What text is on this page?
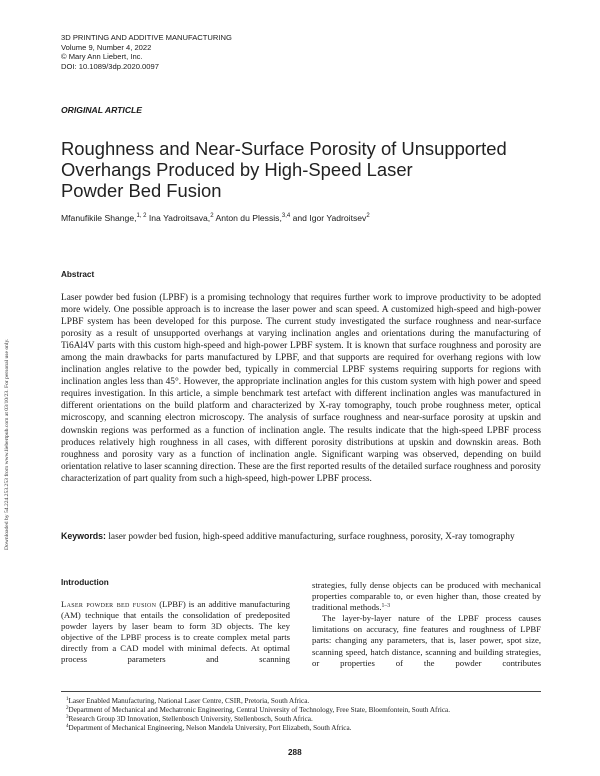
3D PRINTING AND ADDITIVE MANUFACTURING
Volume 9, Number 4, 2022
© Mary Ann Liebert, Inc.
DOI: 10.1089/3dp.2020.0097
ORIGINAL ARTICLE
Roughness and Near-Surface Porosity of Unsupported
Overhangs Produced by High-Speed Laser
Powder Bed Fusion
Mfanufikile Shange,$^{1, 2}$ Ina Yadroitsava,$^2$ Anton du Plessis,$^{3,4}$ and Igor Yadroitsev$^2$
Downloaded by 54.224.253.253 from www.liebertpub.com at 03/10/23. For personal use only.
Abstract
Laser powder bed fusion (LPBF) is a promising technology that requires further work to improve productivity to be adopted more widely. One possible approach is to increase the laser power and scan speed. A customized high-speed and high-power LPBF system has been developed for this purpose. The current study investigated the surface roughness and near-surface porosity as a result of unsupported overhangs at varying inclination angles and orientations during the manufacturing of Ti6Al4V parts with this custom high-speed and high-power LPBF system. It is known that surface roughness and porosity are among the main drawbacks for parts manufactured by LPBF, and that supports are required for overhang regions with low inclination angles relative to the powder bed, typically in commercial LPBF systems requiring supports for regions with inclination angles less than 45°. However, the appropriate inclination angles for this custom system with high power and speed requires investigation. In this article, a simple benchmark test artefact with different inclination angles was manufactured in different orientations on the build platform and characterized by X-ray tomography, touch probe roughness meter, optical microscopy, and scanning electron microscopy. The analysis of surface roughness and near-surface porosity at upskin and downskin regions was performed as a function of inclination angle. The results indicate that the high-speed LPBF process produces relatively high roughness in all cases, with different porosity distributions at upskin and downskin areas. Both roughness and porosity vary as a function of inclination angle. Significant warping was observed, depending on build orientation relative to laser scanning direction. These are the first reported results of the detailed surface roughness and porosity characterization of part quality from such a high-speed, high-power LPBF process.
Keywords: laser powder bed fusion, high-speed additive manufacturing, surface roughness, porosity, X-ray tomography
Introduction
Laser powder bed fusion (LPBF) is an additive manufacturing (AM) technique that entails the consolidation of predeposited powder layers by laser beam to form 3D objects. The key objective of the LPBF process is to create complex metal parts directly from a CAD model with minimal defects. At optimal process parameters and scanning
strategies, fully dense objects can be produced with mechanical properties comparable to, or even higher than, those created by traditional methods.$^{1-3}$
The layer-by-layer nature of the LPBF process causes limitations on accuracy, fine features and roughness of LPBF parts: changing any parameters, that is, laser power, spot size, scanning speed, hatch distance, scanning and building strategies, or properties of the powder contributes
$^1$Laser Enabled Manufacturing, National Laser Centre, CSIR, Pretoria, South Africa.
$^2$Department of Mechanical and Mechatronic Engineering, Central University of Technology, Free State, Bloemfontein, South Africa.
$^3$Research Group 3D Innovation, Stellenbosch University, Stellenbosch, South Africa.
$^4$Department of Mechanical Engineering, Nelson Mandela University, Port Elizabeth, South Africa.
288
